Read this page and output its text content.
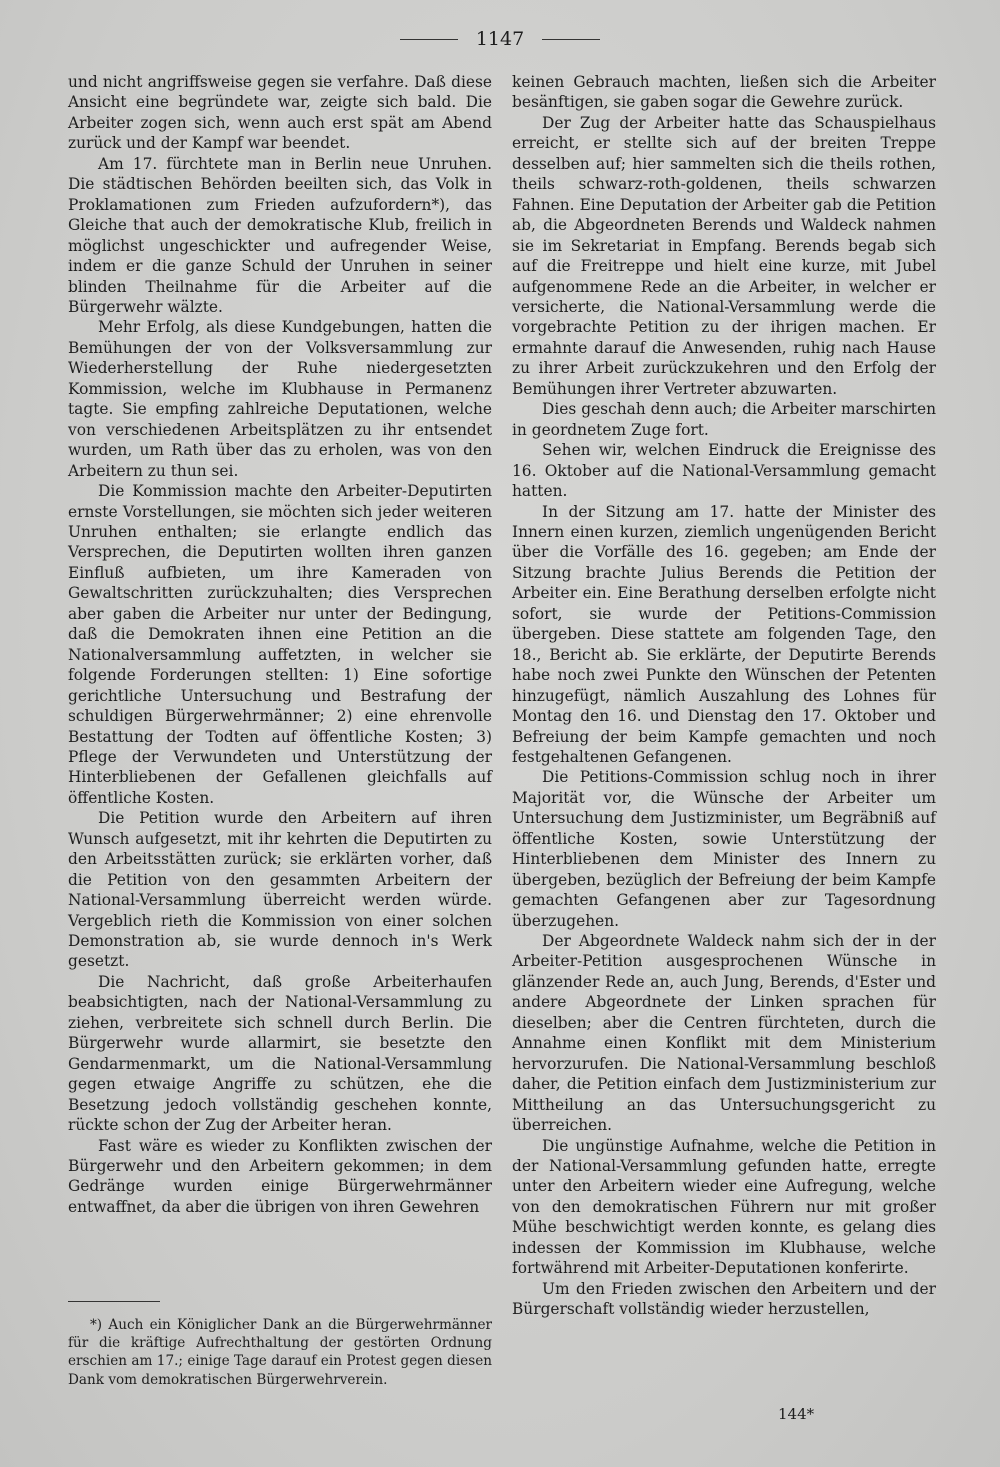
1147

und nicht angriffsweise gegen sie verfahre. Daß diese Ansicht eine begründete war, zeigte sich bald. Die Arbeiter zogen sich, wenn auch erst spät am Abend zurück und der Kampf war beendet.

Am 17. fürchtete man in Berlin neue Unruhen. Die städtischen Behörden beeilten sich, das Volk in Proklamationen zum Frieden aufzufordern*), das Gleiche that auch der demokratische Klub, freilich in möglichst ungeschickter und aufregender Weise, indem er die ganze Schuld der Unruhen in seiner blinden Theilnahme für die Arbeiter auf die Bürgerwehr wälzte.

Mehr Erfolg, als diese Kundgebungen, hatten die Bemühungen der von der Volksversammlung zur Wiederherstellung der Ruhe niedergesetzten Kommission, welche im Klubhause in Permanenz tagte. Sie empfing zahlreiche Deputationen, welche von verschiedenen Arbeitsplätzen zu ihr entsendet wurden, um Rath über das zu erholen, was von den Arbeitern zu thun sei.

Die Kommission machte den Arbeiter-Deputirten ernste Vorstellungen, sie möchten sich jeder weiteren Unruhen enthalten; sie erlangte endlich das Versprechen, die Deputirten wollten ihren ganzen Einfluß aufbieten, um ihre Kameraden von Gewaltschritten zurückzuhalten; dies Versprechen aber gaben die Arbeiter nur unter der Bedingung, daß die Demokraten ihnen eine Petition an die Nationalversammlung auffetzten, in welcher sie folgende Forderungen stellten: 1) Eine sofortige gerichtliche Untersuchung und Bestrafung der schuldigen Bürgerwehrmänner; 2) eine ehrenvolle Bestattung der Todten auf öffentliche Kosten; 3) Pflege der Verwundeten und Unterstützung der Hinterbliebenen der Gefallenen gleichfalls auf öffentliche Kosten.

Die Petition wurde den Arbeitern auf ihren Wunsch aufgesetzt, mit ihr kehrten die Deputirten zu den Arbeitsstätten zurück; sie erklärten vorher, daß die Petition von den gesammten Arbeitern der National-Versammlung überreicht werden würde. Vergeblich rieth die Kommission von einer solchen Demonstration ab, sie wurde dennoch in's Werk gesetzt.

Die Nachricht, daß große Arbeiterhaufen beabsichtigten, nach der National-Versammlung zu ziehen, verbreitete sich schnell durch Berlin. Die Bürgerwehr wurde allarmirt, sie besetzte den Gendarmenmarkt, um die National-Versammlung gegen etwaige Angriffe zu schützen, ehe die Besetzung jedoch vollständig geschehen konnte, rückte schon der Zug der Arbeiter heran.

Fast wäre es wieder zu Konflikten zwischen der Bürgerwehr und den Arbeitern gekommen; in dem Gedränge wurden einige Bürgerwehrmänner entwaffnet, da aber die übrigen von ihren Gewehren

keinen Gebrauch machten, ließen sich die Arbeiter besänftigen, sie gaben sogar die Gewehre zurück.

Der Zug der Arbeiter hatte das Schauspielhaus erreicht, er stellte sich auf der breiten Treppe desselben auf; hier sammelten sich die theils rothen, theils schwarz-roth-goldenen, theils schwarzen Fahnen. Eine Deputation der Arbeiter gab die Petition ab, die Abgeordneten Berends und Waldeck nahmen sie im Sekretariat in Empfang. Berends begab sich auf die Freitreppe und hielt eine kurze, mit Jubel aufgenommene Rede an die Arbeiter, in welcher er versicherte, die National-Versammlung werde die vorgebrachte Petition zu der ihrigen machen. Er ermahnte darauf die Anwesenden, ruhig nach Hause zu ihrer Arbeit zurückzukehren und den Erfolg der Bemühungen ihrer Vertreter abzuwarten.

Dies geschah denn auch; die Arbeiter marschirten in geordnetem Zuge fort.

Sehen wir, welchen Eindruck die Ereignisse des 16. Oktober auf die National-Versammlung gemacht hatten.

In der Sitzung am 17. hatte der Minister des Innern einen kurzen, ziemlich ungenügenden Bericht über die Vorfälle des 16. gegeben; am Ende der Sitzung brachte Julius Berends die Petition der Arbeiter ein. Eine Berathung derselben erfolgte nicht sofort, sie wurde der Petitions-Commission übergeben. Diese stattete am folgenden Tage, den 18., Bericht ab. Sie erklärte, der Deputirte Berends habe noch zwei Punkte den Wünschen der Petenten hinzugefügt, nämlich Auszahlung des Lohnes für Montag den 16. und Dienstag den 17. Oktober und Befreiung der beim Kampfe gemachten und noch festgehaltenen Gefangenen.

Die Petitions-Commission schlug noch in ihrer Majorität vor, die Wünsche der Arbeiter um Untersuchung dem Justizminister, um Begräbniß auf öffentliche Kosten, sowie Unterstützung der Hinterbliebenen dem Minister des Innern zu übergeben, bezüglich der Befreiung der beim Kampfe gemachten Gefangenen aber zur Tagesordnung überzugehen.

Der Abgeordnete Waldeck nahm sich der in der Arbeiter-Petition ausgesprochenen Wünsche in glänzender Rede an, auch Jung, Berends, d'Ester und andere Abgeordnete der Linken sprachen für dieselben; aber die Centren fürchteten, durch die Annahme einen Konflikt mit dem Ministerium hervorzurufen. Die National-Versammlung beschloß daher, die Petition einfach dem Justizministerium zur Mittheilung an das Untersuchungsgericht zu überreichen.

Die ungünstige Aufnahme, welche die Petition in der National-Versammlung gefunden hatte, erregte unter den Arbeitern wieder eine Aufregung, welche von den demokratischen Führern nur mit großer Mühe beschwichtigt werden konnte, es gelang dies indessen der Kommission im Klubhause, welche fortwährend mit Arbeiter-Deputationen konferirte.

Um den Frieden zwischen den Arbeitern und der Bürgerschaft vollständig wieder herzustellen,

*) Auch ein Königlicher Dank an die Bürgerwehrmänner für die kräftige Aufrechthaltung der gestörten Ordnung erschien am 17.; einige Tage darauf ein Protest gegen diesen Dank vom demokratischen Bürgerwehrverein.

144*
